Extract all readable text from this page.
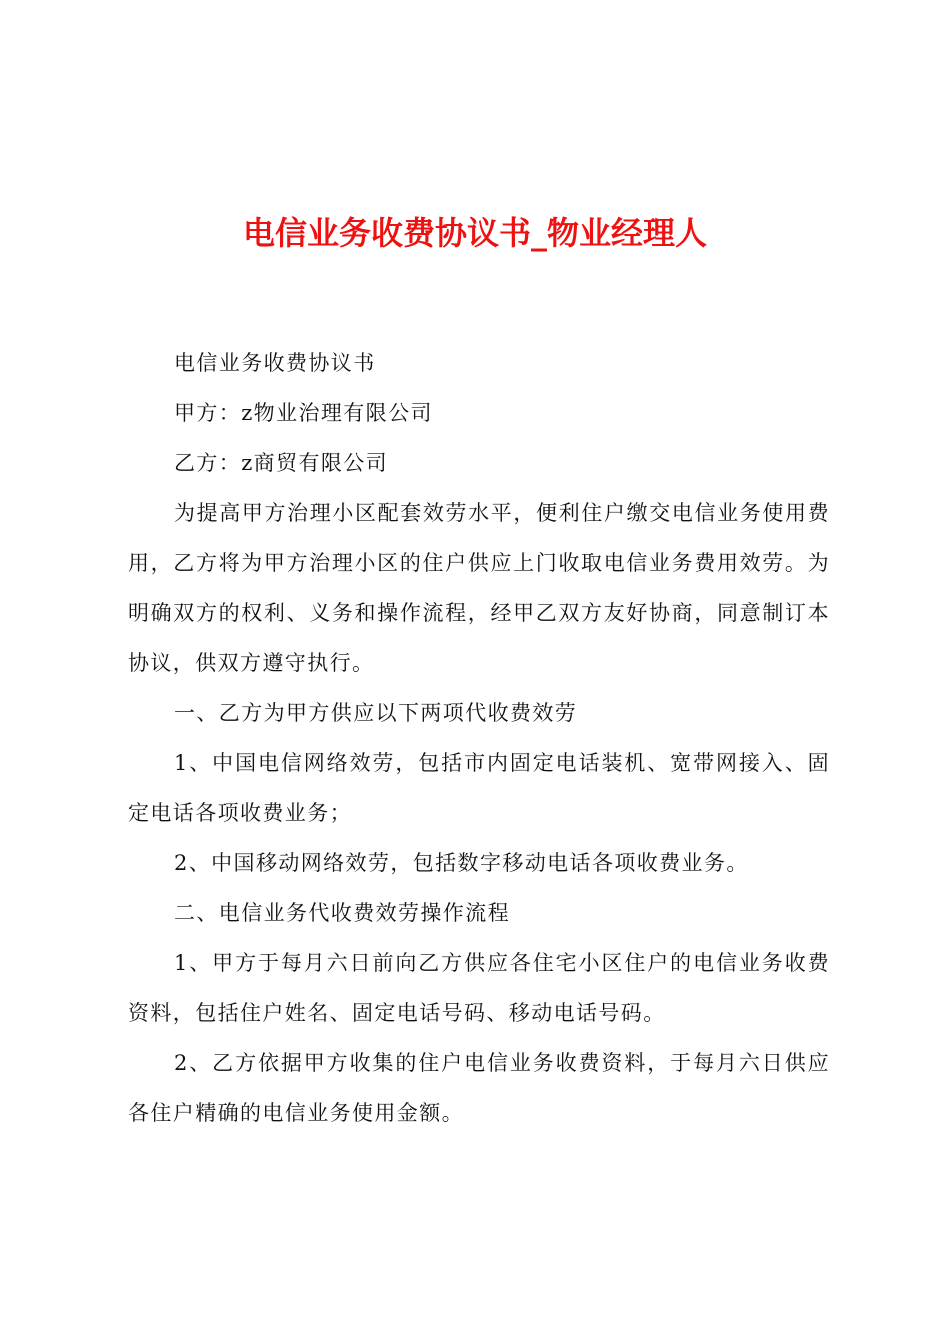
电信业务收费协议书_物业经理人

电信业务收费协议书

甲方：z物业治理有限公司

乙方：z商贸有限公司

为提高甲方治理小区配套效劳水平，便利住户缴交电信业务使用费用，乙方将为甲方治理小区的住户供应上门收取电信业务费用效劳。为明确双方的权利、义务和操作流程，经甲乙双方友好协商，同意制订本协议，供双方遵守执行。

一、乙方为甲方供应以下两项代收费效劳

1、中国电信网络效劳，包括市内固定电话装机、宽带网接入、固定电话各项收费业务；

2、中国移动网络效劳，包括数字移动电话各项收费业务。

二、电信业务代收费效劳操作流程

1、甲方于每月六日前向乙方供应各住宅小区住户的电信业务收费资料，包括住户姓名、固定电话号码、移动电话号码。

2、乙方依据甲方收集的住户电信业务收费资料，于每月六日供应各住户精确的电信业务使用金额。
